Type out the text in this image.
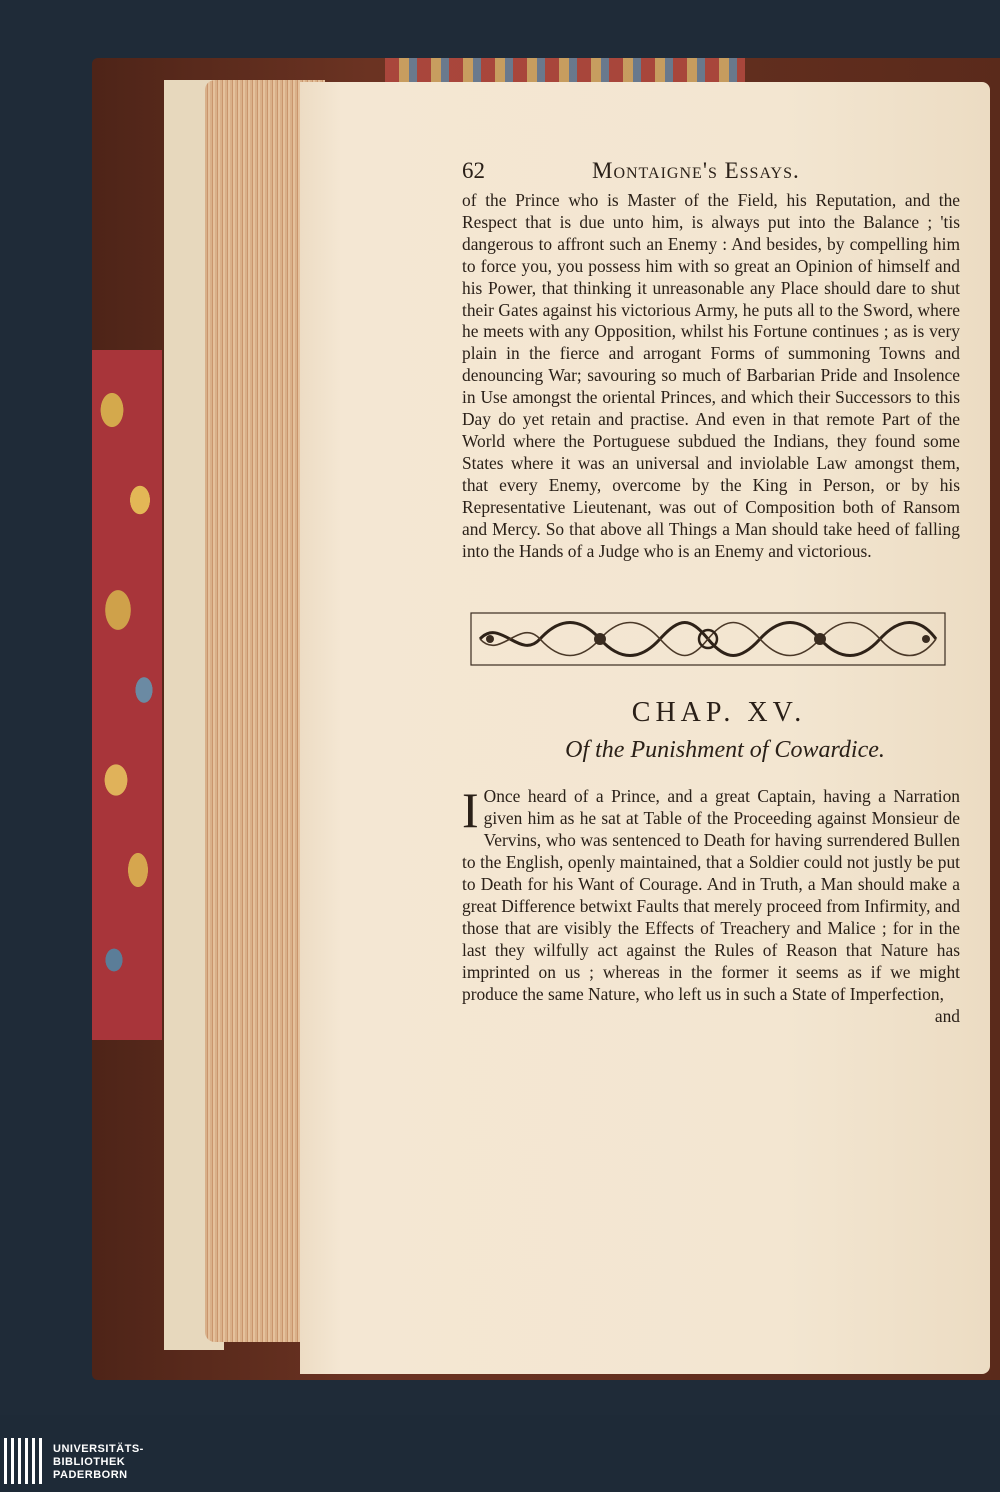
62	Montaigne's Essays.

of the Prince who is Master of the Field, his Reputation, and the Respect that is due unto him, is always put into the Balance ; 'tis dangerous to affront such an Enemy : And besides, by compelling him to force you, you possess him with so great an Opinion of himself and his Power, that thinking it unreasonable any Place should dare to shut their Gates against his victorious Army, he puts all to the Sword, where he meets with any Opposition, whilst his Fortune continues ; as is very plain in the fierce and arrogant Forms of summoning Towns and denouncing War; savouring so much of Barbarian Pride and Insolence in Use amongst the oriental Princes, and which their Successors to this Day do yet retain and practise. And even in that remote Part of the World where the Portuguese subdued the Indians, they found some States where it was an universal and inviolable Law amongst them, that every Enemy, overcome by the King in Person, or by his Representative Lieutenant, was out of Composition both of Ransom and Mercy. So that above all Things a Man should take heed of falling into the Hands of a Judge who is an Enemy and victorious.

CHAP. XV.
Of the Punishment of Cowardice.
I Once heard of a Prince, and a great Captain, having a Narration given him as he sat at Table of the Proceeding against Monsieur de Vervins, who was sentenced to Death for having surrendered Bullen to the English, openly maintained, that a Soldier could not justly be put to Death for his Want of Courage. And in Truth, a Man should make a great Difference betwixt Faults that merely proceed from Infirmity, and those that are visibly the Effects of Treachery and Malice ; for in the last they wilfully act against the Rules of Reason that Nature has imprinted on us ; whereas in the former it seems as if we might produce the same Nature, who left us in such a State of Imperfection,

and

UNIVERSITÄTS-
BIBLIOTHEK
PADERBORN
